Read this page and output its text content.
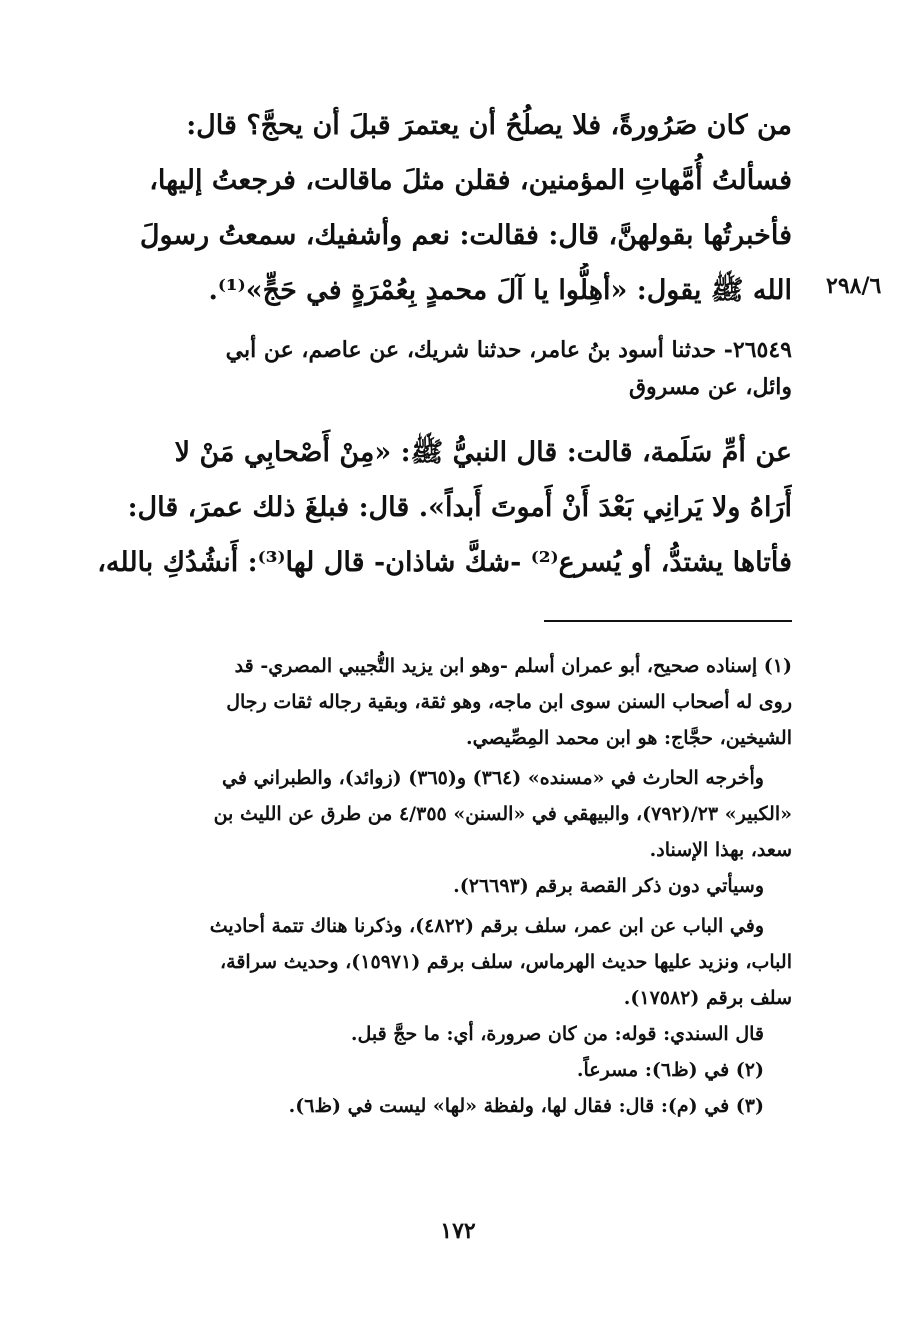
من كان صَرُورةً، فلا يصلُحُ أن يعتمرَ قبلَ أن يحجَّ؟ قال:
فسألتُ أُمَّهاتِ المؤمنين، فقلن مثلَ ماقالت، فرجعتُ إليها،
فأخبرتُها بقولهنَّ، قال: فقالت: نعم وأشفيك، سمعتُ رسولَ
الله ﷺ يقول: «أهِلُّوا يا آلَ محمدٍ بِعُمْرَةٍ في حَجٍّ»⁽¹⁾. ٢٩٨/٦
٢٦٥٤٩- حدثنا أسود بنُ عامر، حدثنا شريك، عن عاصم، عن أبي
وائل، عن مسروق
عن أمِّ سَلَمة، قالت: قال النبيُّ ﷺ: «مِنْ أَصْحابِي مَنْ لا
أَرَاهُ ولا يَرانِي بَعْدَ أَنْ أَموتَ أَبداً». قال: فبلغَ ذلك عمرَ، قال:
فأتاها يشتدُّ، أو يُسرع⁽²⁾ -شكَّ شاذان- قال لها⁽³⁾: أَنشُدُكِ بالله،
(١) إسناده صحيح، أبو عمران أسلم -وهو ابن يزيد التُّجيبي المصري- قد
روى له أصحاب السنن سوى ابن ماجه، وهو ثقة، وبقية رجاله ثقات رجال
الشيخين، حجَّاج: هو ابن محمد المِصِّيصي.
وأخرجه الحارث في «مسنده» (٣٦٤) و(٣٦٥) (زوائد)، والطبراني في
«الكبير» ٢٣/(٧٩٢)، والبيهقي في «السنن» ٤/٣٥٥ من طرق عن الليث بن
سعد، بهذا الإسناد.
وسيأتي دون ذكر القصة برقم (٢٦٦٩٣).
وفي الباب عن ابن عمر، سلف برقم (٤٨٢٢)، وذكرنا هناك تتمة أحاديث
الباب، ونزيد عليها حديث الهرماس، سلف برقم (١٥٩٧١)، وحديث سراقة،
سلف برقم (١٧٥٨٢).
قال السندي: قوله: من كان صرورة، أي: ما حجَّ قبل.
(٢) في (ظ٦): مسرعاً.
(٣) في (م): قال: فقال لها، ولفظة «لها» ليست في (ظ٦).
١٧٢
